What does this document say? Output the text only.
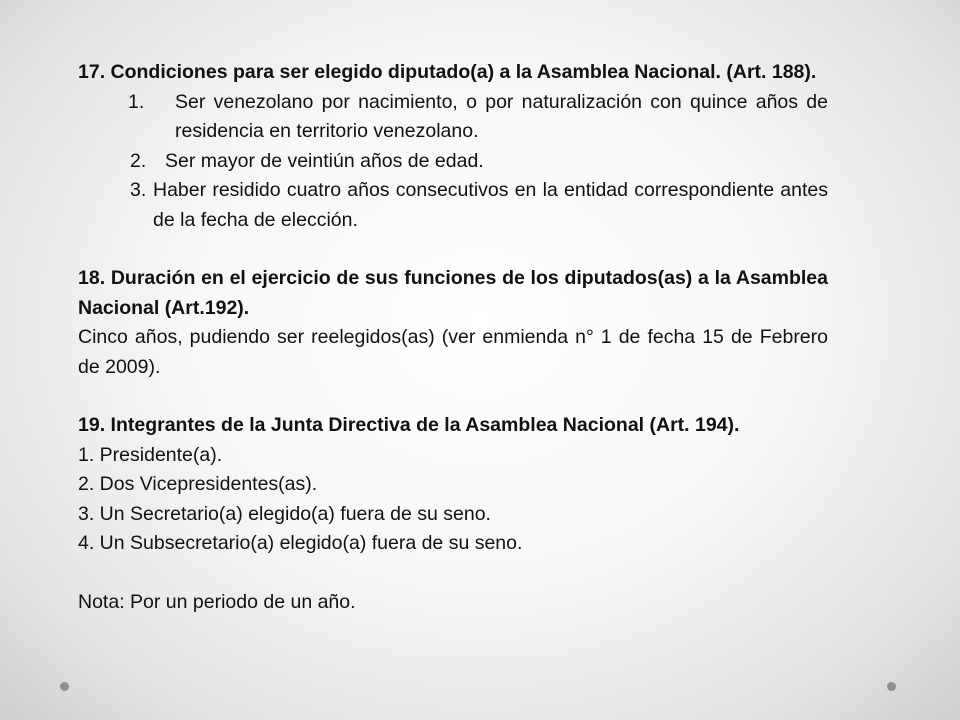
17. Condiciones para ser elegido diputado(a) a la Asamblea Nacional. (Art. 188).

1.	Ser venezolano por nacimiento, o por naturalización con quince años de residencia en territorio venezolano.
2. Ser mayor de veintiún años de edad.
3. Haber residido cuatro años consecutivos en la entidad correspondiente antes de la fecha de elección.

18. Duración en el ejercicio de sus funciones de los diputados(as) a la Asamblea Nacional (Art.192).

Cinco años, pudiendo ser reelegidos(as) (ver enmienda n° 1 de fecha 15 de Febrero de 2009).

19. Integrantes de la Junta Directiva de la Asamblea Nacional (Art. 194).

1. Presidente(a).

2. Dos Vicepresidentes(as).

3. Un Secretario(a) elegido(a) fuera de su seno.

4. Un Subsecretario(a) elegido(a) fuera de su seno.

Nota: Por un periodo de un año.
